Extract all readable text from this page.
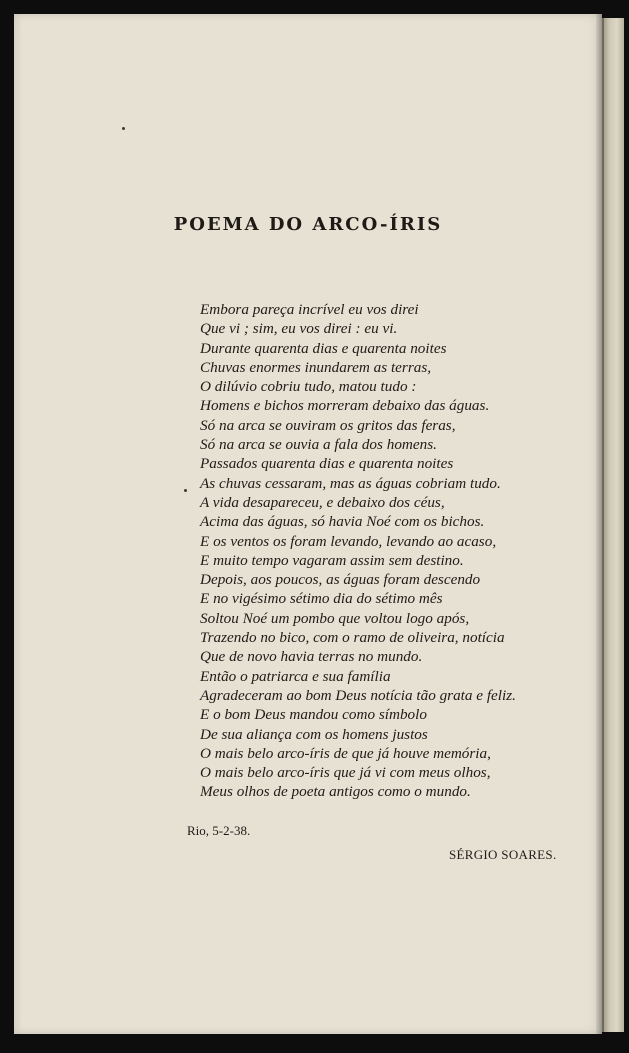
POEMA DO ARCO-ÍRIS
Embora pareça incrível eu vos direi
Que vi ; sim, eu vos direi : eu vi.
Durante quarenta dias e quarenta noites
Chuvas enormes inundarem as terras,
O dilúvio cobriu tudo, matou tudo :
Homens e bichos morreram debaixo das águas.
Só na arca se ouviram os gritos das feras,
Só na arca se ouvia a fala dos homens.
Passados quarenta dias e quarenta noites
As chuvas cessaram, mas as águas cobriam tudo.
A vida desapareceu, e debaixo dos céus,
Acima das águas, só havia Noé com os bichos.
E os ventos os foram levando, levando ao acaso,
E muito tempo vagaram assim sem destino.
Depois, aos poucos, as águas foram descendo
E no vigésimo sétimo dia do sétimo mês
Soltou Noé um pombo que voltou logo após,
Trazendo no bico, com o ramo de oliveira, notícia
Que de novo havia terras no mundo.
Então o patriarca e sua família
Agradeceram ao bom Deus notícia tão grata e feliz.
E o bom Deus mandou como símbolo
De sua aliança com os homens justos
O mais belo arco-íris de que já houve memória,
O mais belo arco-íris que já vi com meus olhos,
Meus olhos de poeta antigos como o mundo.
Rio, 5-2-38.
SÉRGIO SOARES.
